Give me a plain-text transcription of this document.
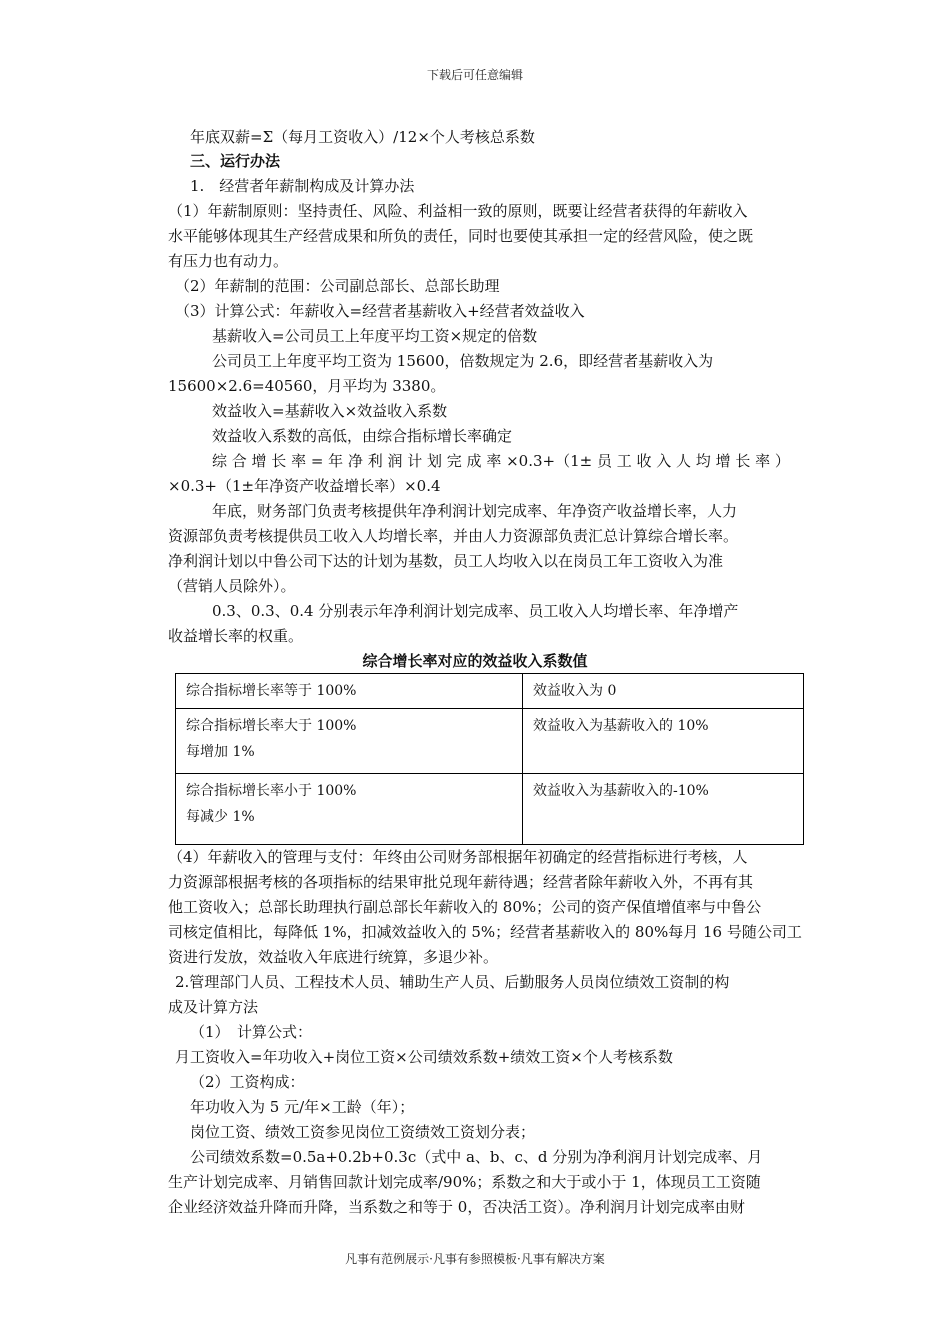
下载后可任意编辑
年底双薪=Σ（每月工资收入）/12×个人考核总系数
三、运行办法
1.　经营者年薪制构成及计算办法
（1）年薪制原则：坚持责任、风险、利益相一致的原则，既要让经营者获得的年薪收入
水平能够体现其生产经营成果和所负的责任，同时也要使其承担一定的经营风险，使之既
有压力也有动力。
（2）年薪制的范围：公司副总部长、总部长助理
（3）计算公式：年薪收入=经营者基薪收入+经营者效益收入
基薪收入=公司员工上年度平均工资×规定的倍数
公司员工上年度平均工资为 15600，倍数规定为 2.6，即经营者基薪收入为
15600×2.6=40560，月平均为 3380。
效益收入=基薪收入×效益收入系数
效益收入系数的高低，由综合指标增长率确定
综 合 增 长 率 = 年 净 利 润 计 划 完 成 率 ×0.3+（1± 员 工 收 入 人 均 增 长 率 ）
×0.3+（1±年净资产收益增长率）×0.4
年底，财务部门负责考核提供年净利润计划完成率、年净资产收益增长率，人力
资源部负责考核提供员工收入人均增长率，并由人力资源部负责汇总计算综合增长率。
净利润计划以中鲁公司下达的计划为基数，员工人均收入以在岗员工年工资收入为准
（营销人员除外）。
0.3、0.3、0.4 分别表示年净利润计划完成率、员工收入人均增长率、年净增产
收益增长率的权重。
综合增长率对应的效益收入系数值
综合指标增长率等于 100%	效益收入为 0

综合指标增长率大于 100%
每增加 1%	效益收入为基薪收入的 10%

综合指标增长率小于 100%
每减少 1%	效益收入为基薪收入的-10%
（4）年薪收入的管理与支付：年终由公司财务部根据年初确定的经营指标进行考核，人
力资源部根据考核的各项指标的结果审批兑现年薪待遇；经营者除年薪收入外，不再有其
他工资收入；总部长助理执行副总部长年薪收入的 80%；公司的资产保值增值率与中鲁公
司核定值相比，每降低 1%，扣减效益收入的 5%；经营者基薪收入的 80%每月 16 号随公司工
资进行发放，效益收入年底进行统算，多退少补。
2.管理部门人员、工程技术人员、辅助生产人员、后勤服务人员岗位绩效工资制的构
成及计算方法
（1）　计算公式：
月工资收入=年功收入+岗位工资×公司绩效系数+绩效工资×个人考核系数
（2）工资构成：
年功收入为 5 元/年×工龄（年）；
岗位工资、绩效工资参见岗位工资绩效工资划分表；
公司绩效系数=0.5a+0.2b+0.3c（式中 a、b、c、d 分别为净利润月计划完成率、月
生产计划完成率、月销售回款计划完成率/90%；系数之和大于或小于 1，体现员工工资随
企业经济效益升降而升降，当系数之和等于 0，否决活工资）。净利润月计划完成率由财
凡事有范例展示·凡事有参照模板·凡事有解决方案
